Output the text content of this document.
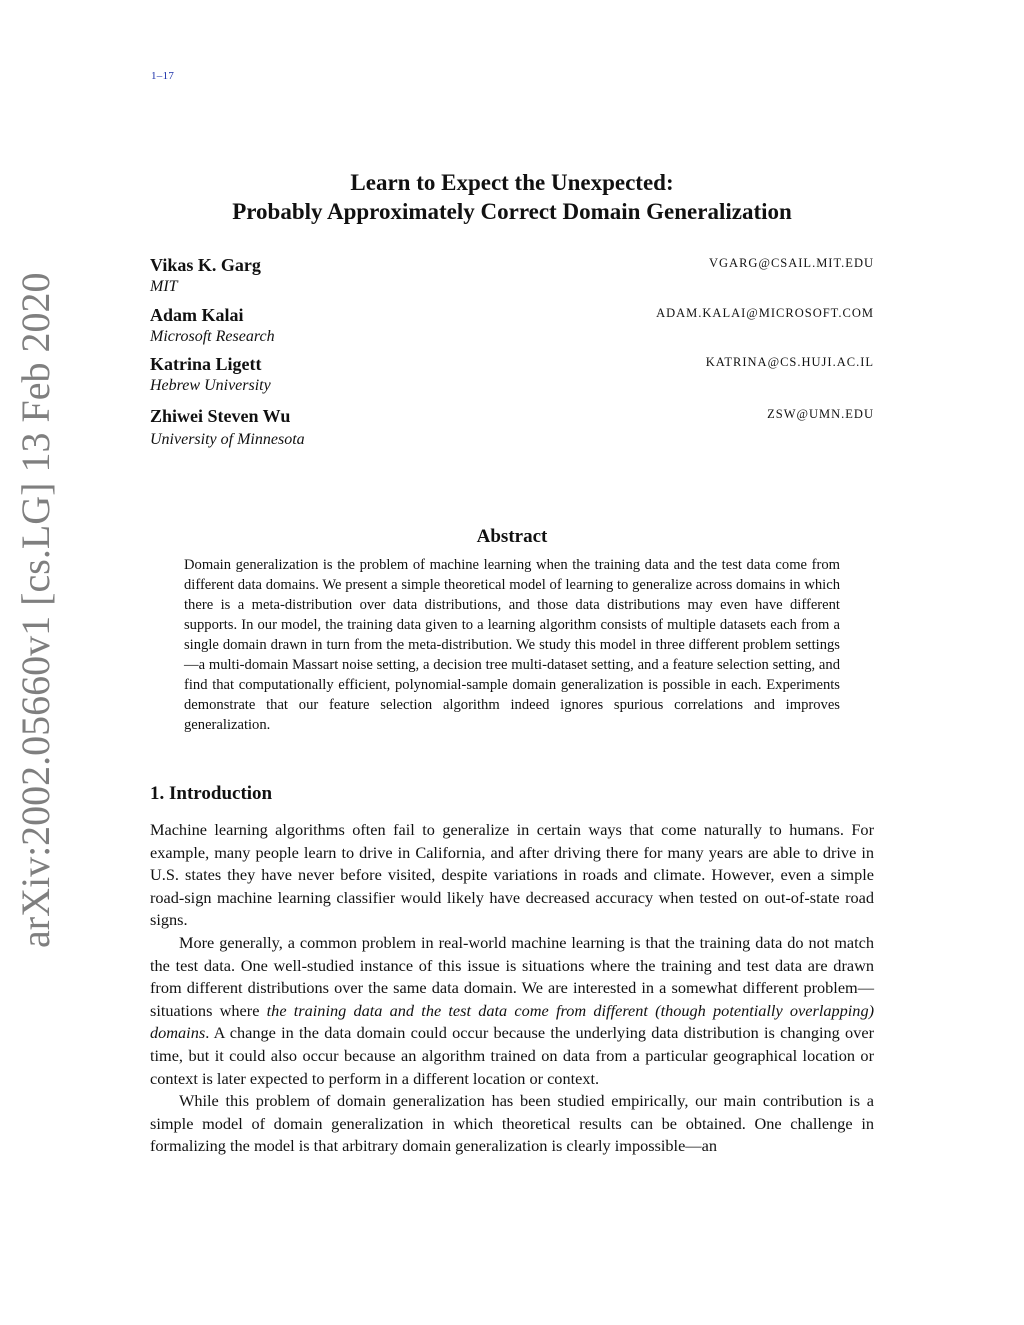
1–17
arXiv:2002.05660v1 [cs.LG] 13 Feb 2020
Learn to Expect the Unexpected:
Probably Approximately Correct Domain Generalization
Vikas K. Garg
MIT
VGARG@CSAIL.MIT.EDU
Adam Kalai
Microsoft Research
ADAM.KALAI@MICROSOFT.COM
Katrina Ligett
Hebrew University
KATRINA@CS.HUJI.AC.IL
Zhiwei Steven Wu
University of Minnesota
ZSW@UMN.EDU
Abstract
Domain generalization is the problem of machine learning when the training data and the test data come from different data domains. We present a simple theoretical model of learning to generalize across domains in which there is a meta-distribution over data distributions, and those data distributions may even have different supports. In our model, the training data given to a learning algorithm consists of multiple datasets each from a single domain drawn in turn from the meta-distribution. We study this model in three different problem settings—a multi-domain Massart noise setting, a decision tree multi-dataset setting, and a feature selection setting, and find that computationally efficient, polynomial-sample domain generalization is possible in each. Experiments demonstrate that our feature selection algorithm indeed ignores spurious correlations and improves generalization.
1. Introduction

Machine learning algorithms often fail to generalize in certain ways that come naturally to humans. For example, many people learn to drive in California, and after driving there for many years are able to drive in U.S. states they have never before visited, despite variations in roads and climate. However, even a simple road-sign machine learning classifier would likely have decreased accuracy when tested on out-of-state road signs.

More generally, a common problem in real-world machine learning is that the training data do not match the test data. One well-studied instance of this issue is situations where the training and test data are drawn from different distributions over the same data domain. We are interested in a somewhat different problem—situations where the training data and the test data come from different (though potentially overlapping) domains. A change in the data domain could occur because the underlying data distribution is changing over time, but it could also occur because an algorithm trained on data from a particular geographical location or context is later expected to perform in a different location or context.

While this problem of domain generalization has been studied empirically, our main contribution is a simple model of domain generalization in which theoretical results can be obtained. One challenge in formalizing the model is that arbitrary domain generalization is clearly impossible—an
